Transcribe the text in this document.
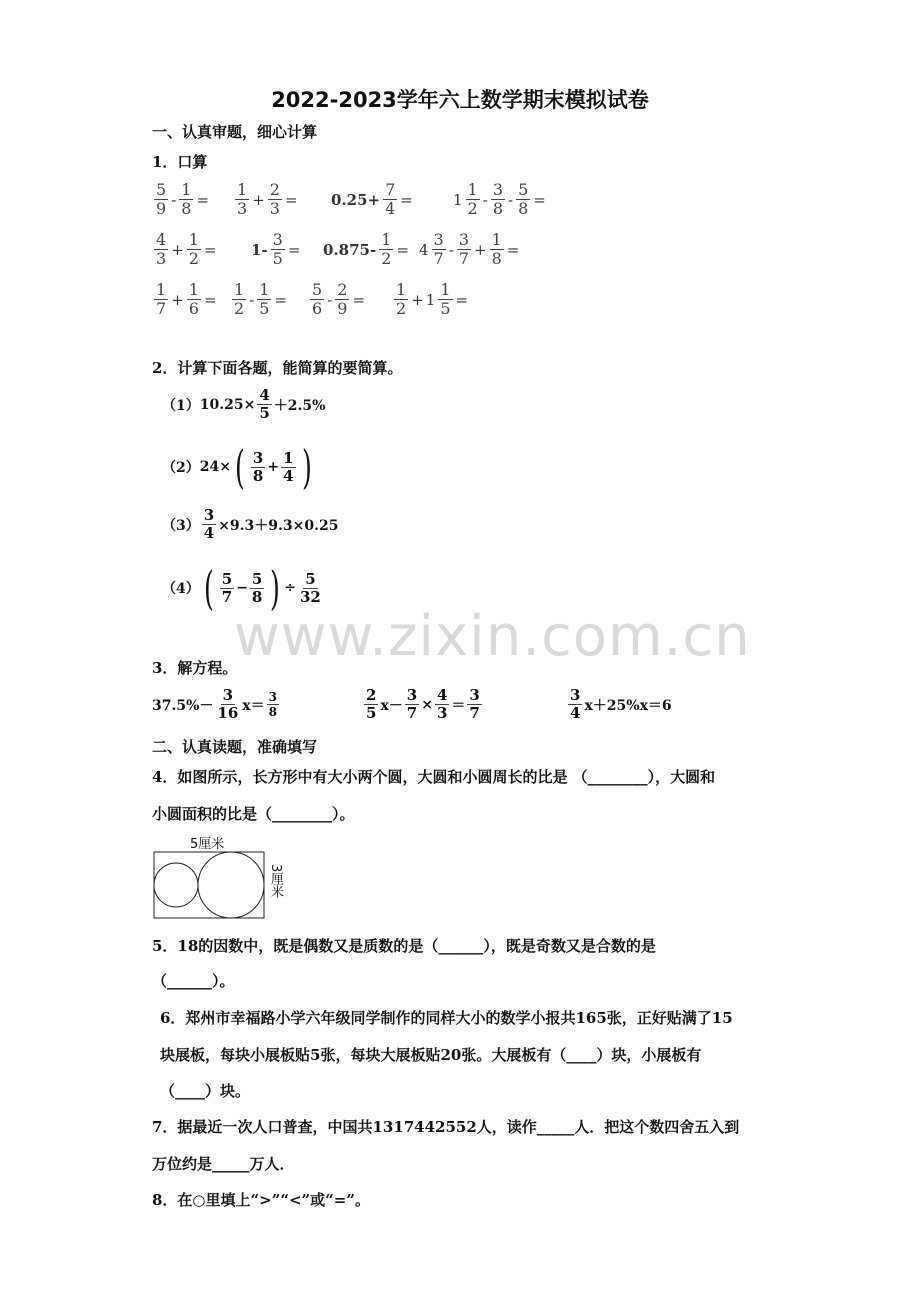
2022-2023学年六上数学期末模拟试卷
一、认真审题，细心计算
1．口算
$\frac{5}{9} - \frac{1}{8} = \frac{1}{3} + \frac{2}{3} = 0.25+ \frac{7}{4}$ =	$1 \frac{1}{2} - \frac{3}{8} - \frac{5}{8}$ =
$\frac{4}{3} + \frac{1}{2} = 1- \frac{3}{5} = 0.875- \frac{1}{2} = 4 \frac{3}{7} - \frac{3}{7} + \frac{1}{8}$ =
$\frac{1}{7} + \frac{1}{6} = \frac{1}{2} - \frac{1}{5} = \frac{5}{6} - \frac{2}{9} = \frac{1}{2} + 1 \frac{1}{5}$ =
2．计算下面各题，能简算的要简算。
（1） $10.25\times \frac{4}{5} +2.5\%$
（2） 24× ( $\frac{3}{8} + \frac{1}{4}$ )
$(3) \frac{3}{4} \times 9.3+9.3\times 0.25$
（4） ( $\frac{5}{7} - \frac{5}{8}$ ) ÷ $\frac{5}{32}$
www.zixin.com.cn
3．解方程。
$37.5\%- \frac{3}{16} x= \frac{3}{8}$	$\frac{2}{5} x- \frac{3}{7} \times \frac{4}{3} = \frac{3}{7}$	$\frac{3}{4} x+25\%x=6$
二、认真读题，准确填写
4．如图所示，长方形中有大小两个圆，大圆和小圆周长的比是 （________），大圆和
小圆面积的比是（________）。
5厘米
3厘米
5．18的因数中，既是偶数又是质数的是（______），既是奇数又是合数的是
（______）。
6．郑州市幸福路小学六年级同学制作的同样大小的数学小报共165张，正好贴满了15
块展板，每块小展板贴5张，每块大展板贴20张。大展板有（____）块，小展板有
（____）块。
7．据最近一次人口普查，中国共1317442552人，读作_____人．把这个数四舍五入到
万位约是_____万人．
8．在○里填上“>”“<”或“=”。
